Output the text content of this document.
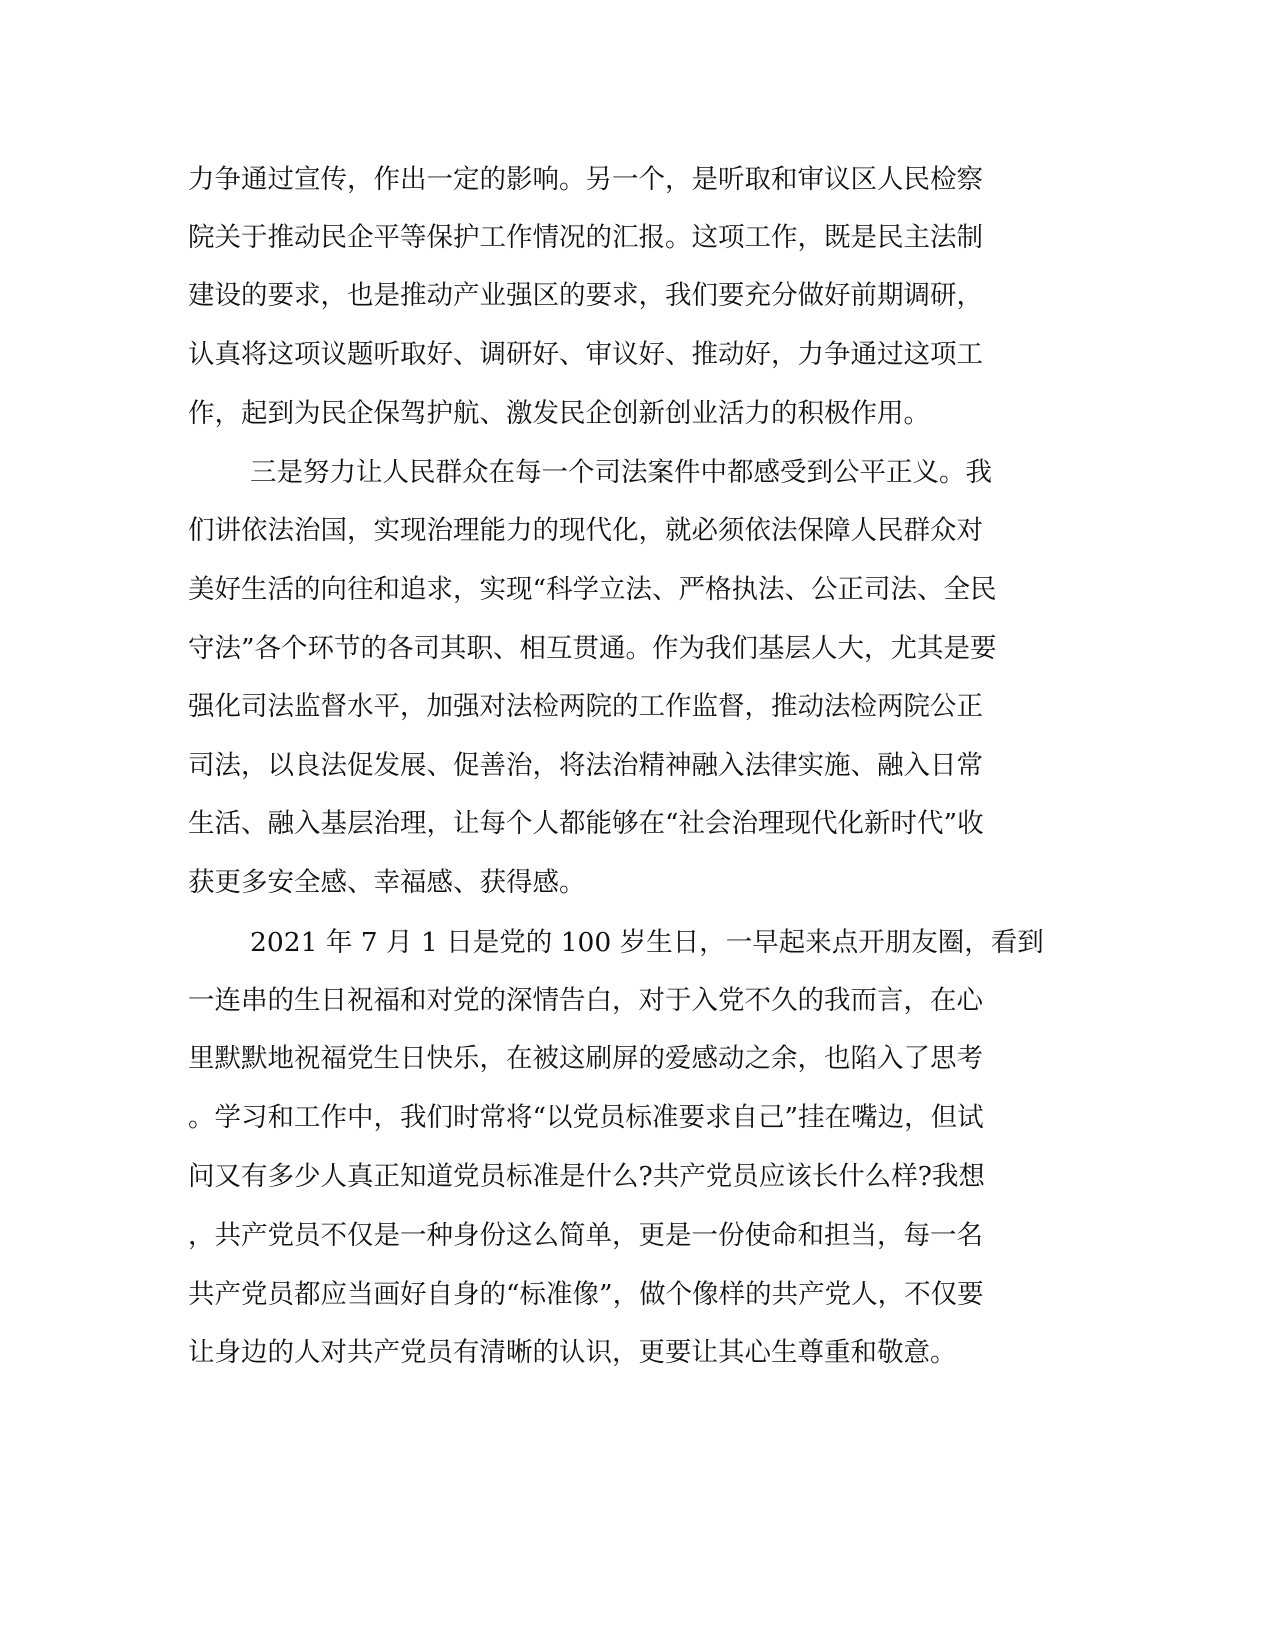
力争通过宣传，作出一定的影响。另一个，是听取和审议区人民检察
院关于推动民企平等保护工作情况的汇报。这项工作，既是民主法制
建设的要求，也是推动产业强区的要求，我们要充分做好前期调研，
认真将这项议题听取好、调研好、审议好、推动好，力争通过这项工
作，起到为民企保驾护航、激发民企创新创业活力的积极作用。
三是努力让人民群众在每一个司法案件中都感受到公平正义。我
们讲依法治国，实现治理能力的现代化，就必须依法保障人民群众对
美好生活的向往和追求，实现“科学立法、严格执法、公正司法、全民
守法”各个环节的各司其职、相互贯通。作为我们基层人大，尤其是要
强化司法监督水平，加强对法检两院的工作监督，推动法检两院公正
司法，以良法促发展、促善治，将法治精神融入法律实施、融入日常
生活、融入基层治理，让每个人都能够在“社会治理现代化新时代”收
获更多安全感、幸福感、获得感。
2021 年 7 月 1 日是党的 100 岁生日，一早起来点开朋友圈，看到
一连串的生日祝福和对党的深情告白，对于入党不久的我而言，在心
里默默地祝福党生日快乐，在被这刷屏的爱感动之余，也陷入了思考
。学习和工作中，我们时常将“以党员标准要求自己”挂在嘴边，但试
问又有多少人真正知道党员标准是什么?共产党员应该长什么样?我想
，共产党员不仅是一种身份这么简单，更是一份使命和担当，每一名
共产党员都应当画好自身的“标准像”，做个像样的共产党人，不仅要
让身边的人对共产党员有清晰的认识，更要让其心生尊重和敬意。
